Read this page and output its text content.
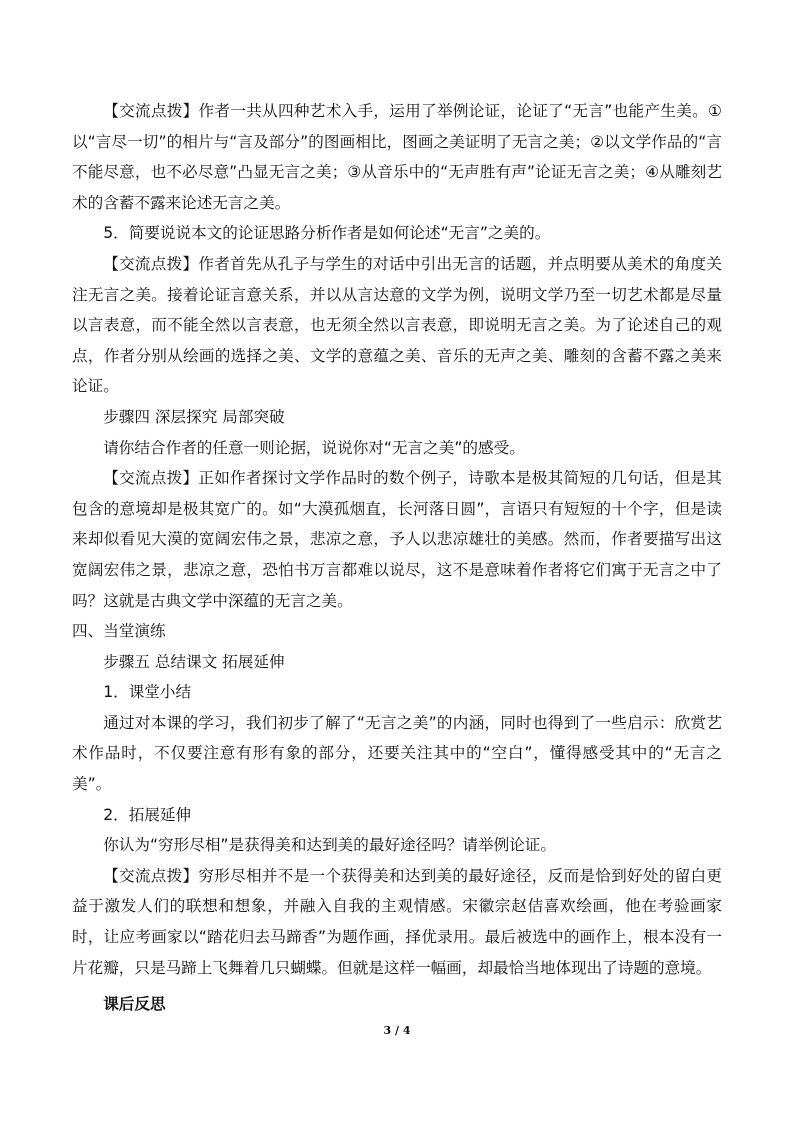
【交流点拨】作者一共从四种艺术入手，运用了举例论证，论证了“无言”也能产生美。①以“言尽一切”的相片与“言及部分”的图画相比，图画之美证明了无言之美；②以文学作品的“言不能尽意，也不必尽意”凸显无言之美；③从音乐中的“无声胜有声”论证无言之美；④从雕刻艺术的含蓄不露来论述无言之美。

5．简要说说本文的论证思路分析作者是如何论述“无言”之美的。

【交流点拨】作者首先从孔子与学生的对话中引出无言的话题，并点明要从美术的角度关注无言之美。接着论证言意关系，并以从言达意的文学为例，说明文学乃至一切艺术都是尽量以言表意，而不能全然以言表意，也无须全然以言表意，即说明无言之美。为了论述自己的观点，作者分别从绘画的选择之美、文学的意蕴之美、音乐的无声之美、雕刻的含蓄不露之美来论证。

步骤四 深层探究 局部突破

请你结合作者的任意一则论据，说说你对“无言之美”的感受。

【交流点拨】正如作者探讨文学作品时的数个例子，诗歌本是极其简短的几句话，但是其包含的意境却是极其宽广的。如“大漠孤烟直，长河落日圆”，言语只有短短的十个字，但是读来却似看见大漠的宽阔宏伟之景，悲凉之意，予人以悲凉雄壮的美感。然而，作者要描写出这宽阔宏伟之景，悲凉之意，恐怕书万言都难以说尽，这不是意味着作者将它们寓于无言之中了吗？这就是古典文学中深蕴的无言之美。

四、当堂演练

步骤五 总结课文 拓展延伸

1．课堂小结

通过对本课的学习，我们初步了解了“无言之美”的内涵，同时也得到了一些启示：欣赏艺术作品时，不仅要注意有形有象的部分，还要关注其中的“空白”，懂得感受其中的“无言之美”。

2．拓展延伸

你认为“穷形尽相”是获得美和达到美的最好途径吗？请举例论证。

【交流点拨】穷形尽相并不是一个获得美和达到美的最好途径，反而是恰到好处的留白更益于激发人们的联想和想象，并融入自我的主观情感。宋徽宗赵佶喜欢绘画，他在考验画家时，让应考画家以“踏花归去马蹄香”为题作画，择优录用。最后被选中的画作上，根本没有一片花瓣，只是马蹄上飞舞着几只蝴蝶。但就是这样一幅画，却最恰当地体现出了诗题的意境。

课后反思

3 / 4
